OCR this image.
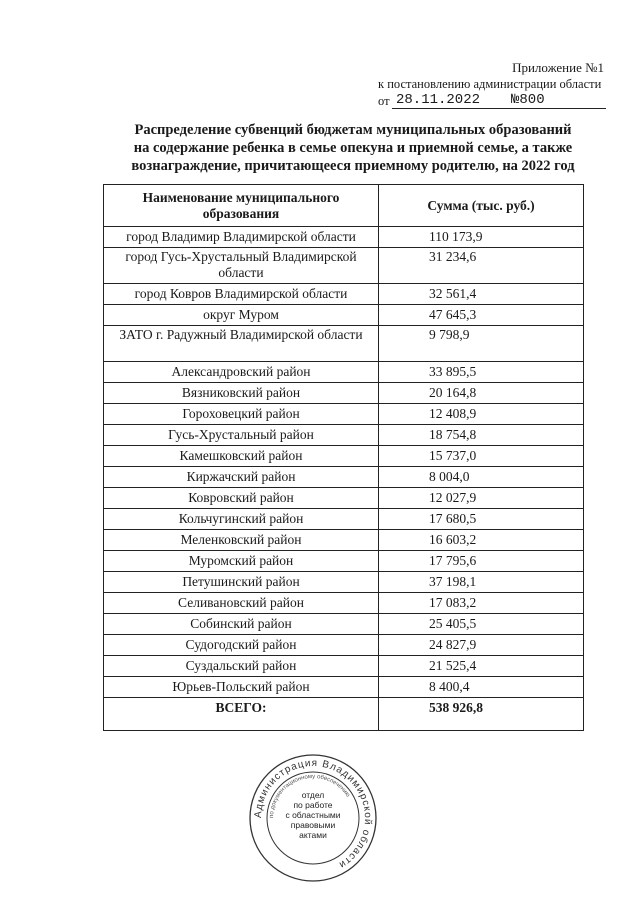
Приложение №1
к постановлению администрации области
от 28.11.2022 №800
Распределение субвенций бюджетам муниципальных образований
на содержание ребенка в семье опекуна и приемной семье, а также
вознаграждение, причитающееся приемному родителю, на 2022 год
Наименование муниципального образования	Сумма (тыс. руб.)
город Владимир Владимирской области	110 173,9
город Гусь-Хрустальный Владимирской области	31 234,6
город Ковров Владимирской области	32 561,4
округ Муром	47 645,3
ЗАТО г. Радужный Владимирской области	9 798,9
Александровский район	33 895,5
Вязниковский район	20 164,8
Гороховецкий район	12 408,9
Гусь-Хрустальный район	18 754,8
Камешковский район	15 737,0
Киржачский район	8 004,0
Ковровский район	12 027,9
Кольчугинский район	17 680,5
Меленковский район	16 603,2
Муромский район	17 795,6
Петушинский район	37 198,1
Селивановский район	17 083,2
Собинский район	25 405,5
Судогодский район	24 827,9
Суздальский район	21 525,4
Юрьев-Польский район	8 400,4
ВСЕГО:	538 926,8
Администрация Владимирской области
по документационному обеспечению
отдел
по работе
с областными
правовыми
актами
